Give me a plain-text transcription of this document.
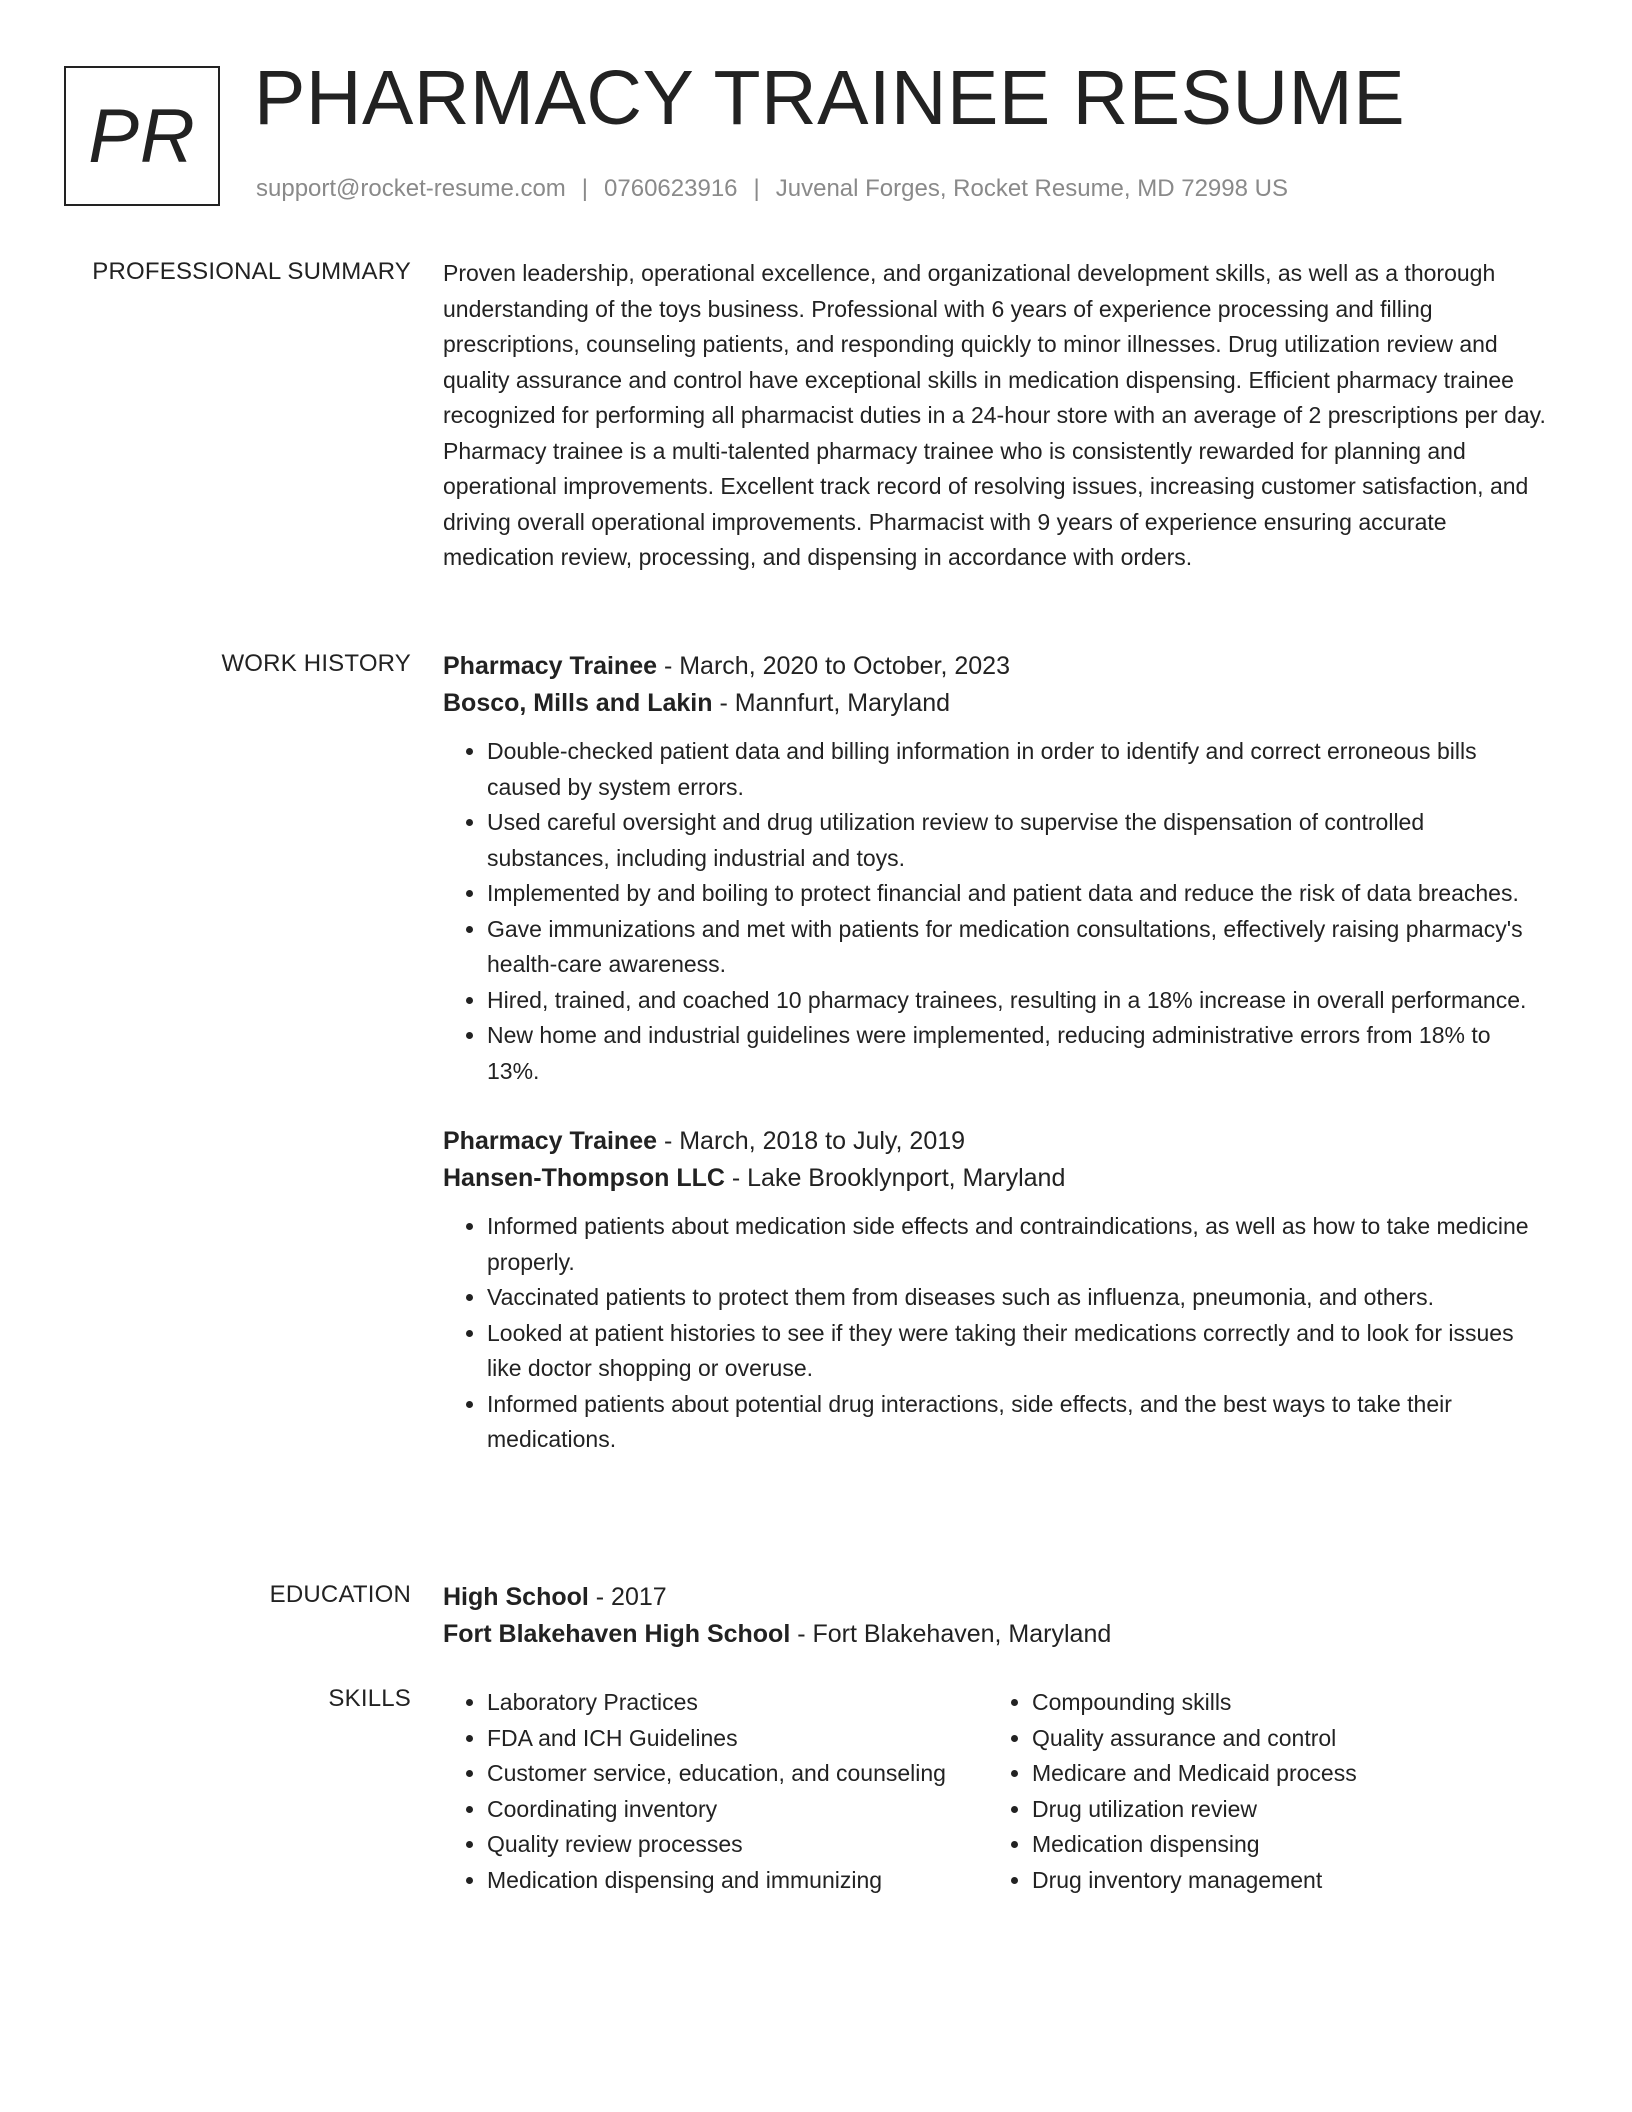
PR PHARMACY TRAINEE RESUME
support@rocket-resume.com | 0760623916 | Juvenal Forges, Rocket Resume, MD 72998 US
PROFESSIONAL SUMMARY Proven leadership, operational excellence, and organizational development skills, as well as a thorough understanding of the toys business. Professional with 6 years of experience processing and filling prescriptions, counseling patients, and responding quickly to minor illnesses. Drug utilization review and quality assurance and control have exceptional skills in medication dispensing. Efficient pharmacy trainee recognized for performing all pharmacist duties in a 24-hour store with an average of 2 prescriptions per day. Pharmacy trainee is a multi-talented pharmacy trainee who is consistently rewarded for planning and operational improvements. Excellent track record of resolving issues, increasing customer satisfaction, and driving overall operational improvements. Pharmacist with 9 years of experience ensuring accurate medication review, processing, and dispensing in accordance with orders.

WORK HISTORY Pharmacy Trainee - March, 2020 to October, 2023

Bosco, Mills and Lakin - Mannfurt, Maryland

• Double-checked patient data and billing information in order to identify and correct erroneous bills caused by system errors.
• Used careful oversight and drug utilization review to supervise the dispensation of controlled substances, including industrial and toys.
• Implemented by and boiling to protect financial and patient data and reduce the risk of data breaches.
• Gave immunizations and met with patients for medication consultations, effectively raising pharmacy's health-care awareness.
• Hired, trained, and coached 10 pharmacy trainees, resulting in a 18% increase in overall performance.
• New home and industrial guidelines were implemented, reducing administrative errors from 18% to 13%.

Pharmacy Trainee - March, 2018 to July, 2019

Hansen-Thompson LLC - Lake Brooklynport, Maryland

• Informed patients about medication side effects and contraindications, as well as how to take medicine properly.
• Vaccinated patients to protect them from diseases such as influenza, pneumonia, and others.
• Looked at patient histories to see if they were taking their medications correctly and to look for issues like doctor shopping or overuse.
• Informed patients about potential drug interactions, side effects, and the best ways to take their medications.
EDUCATION High School - 2017

Fort Blakehaven High School - Fort Blakehaven, Maryland

SKILLS
•	Laboratory Practices
• FDA and ICH Guidelines
• Customer service, education, and counseling
• Coordinating inventory
• Quality review processes
• Medication dispensing and immunizing
• Compounding skills
• Quality assurance and control
• Medicare and Medicaid process
• Drug utilization review
• Medication dispensing
• Drug inventory management
